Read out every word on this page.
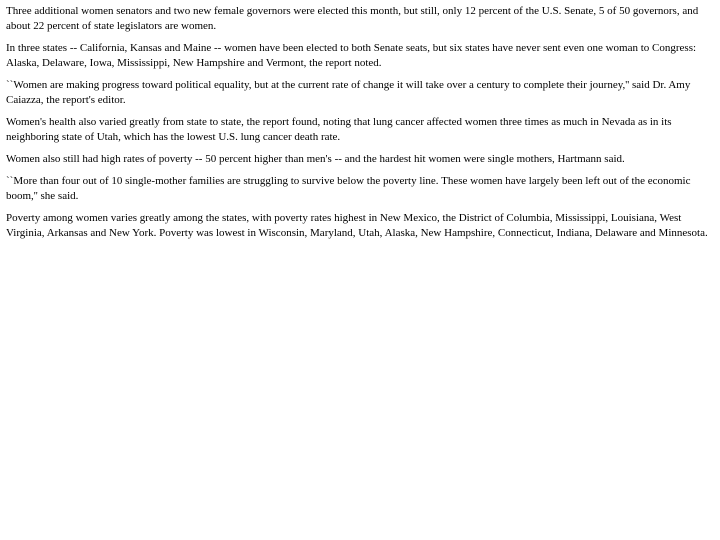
Three additional women senators and two new female governors were elected this month, but still, only 12 percent of the U.S. Senate, 5 of 50 governors, and about 22 percent of state legislators are women.

In three states -- California, Kansas and Maine -- women have been elected to both Senate seats, but six states have never sent even one woman to Congress: Alaska, Delaware, Iowa, Mississippi, New Hampshire and Vermont, the report noted.

``Women are making progress toward political equality, but at the current rate of change it will take over a century to complete their journey,'' said Dr. Amy Caiazza, the report's editor.

Women's health also varied greatly from state to state, the report found, noting that lung cancer affected women three times as much in Nevada as in its neighboring state of Utah, which has the lowest U.S. lung cancer death rate.

Women also still had high rates of poverty -- 50 percent higher than men's -- and the hardest hit women were single mothers, Hartmann said.

``More than four out of 10 single-mother families are struggling to survive below the poverty line. These women have largely been left out of the economic boom,'' she said.

Poverty among women varies greatly among the states, with poverty rates highest in New Mexico, the District of Columbia, Mississippi, Louisiana, West Virginia, Arkansas and New York. Poverty was lowest in Wisconsin, Maryland, Utah, Alaska, New Hampshire, Connecticut, Indiana, Delaware and Minnesota.
